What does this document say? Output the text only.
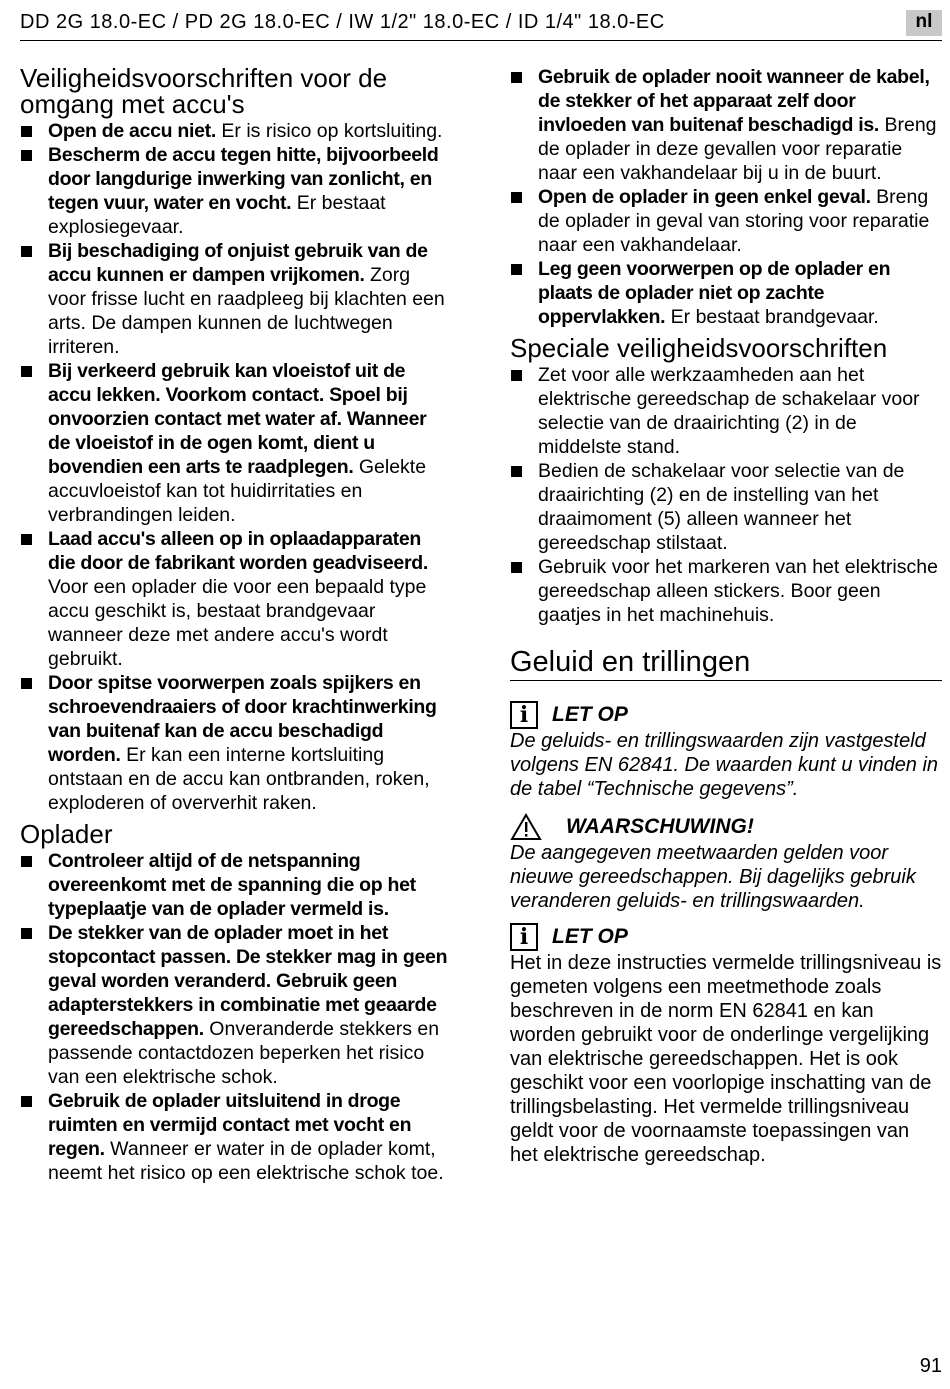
DD 2G 18.0-EC / PD 2G 18.0-EC / IW 1/2" 18.0-EC / ID 1/4" 18.0-EC	nl
Veiligheidsvoorschriften voor de omgang met accu's
Open de accu niet. Er is risico op kortsluiting.
Bescherm de accu tegen hitte, bijvoorbeeld door langdurige inwerking van zonlicht, en tegen vuur, water en vocht. Er bestaat explosiegevaar.
Bij beschadiging of onjuist gebruik van de accu kunnen er dampen vrijkomen. Zorg voor frisse lucht en raadpleeg bij klachten een arts. De dampen kunnen de luchtwegen irriteren.
Bij verkeerd gebruik kan vloeistof uit de accu lekken. Voorkom contact. Spoel bij onvoorzien contact met water af. Wanneer de vloeistof in de ogen komt, dient u bovendien een arts te raadplegen. Gelekte accuvloeistof kan tot huidirritaties en verbrandingen leiden.
Laad accu's alleen op in oplaadapparaten die door de fabrikant worden geadviseerd. Voor een oplader die voor een bepaald type accu geschikt is, bestaat brandgevaar wanneer deze met andere accu's wordt gebruikt.
Door spitse voorwerpen zoals spijkers en schroevendraaiers of door krachtinwerking van buitenaf kan de accu beschadigd worden. Er kan een interne kortsluiting ontstaan en de accu kan ontbranden, roken, exploderen of oververhit raken.
Oplader
Controleer altijd of de netspanning overeenkomt met de spanning die op het typeplaatje van de oplader vermeld is.
De stekker van de oplader moet in het stopcontact passen. De stekker mag in geen geval worden veranderd. Gebruik geen adapterstekkers in combinatie met geaarde gereedschappen. Onveranderde stekkers en passende contactdozen beperken het risico van een elektrische schok.
Gebruik de oplader uitsluitend in droge ruimten en vermijd contact met vocht en regen. Wanneer er water in de oplader komt, neemt het risico op een elektrische schok toe.
Gebruik de oplader nooit wanneer de kabel, de stekker of het apparaat zelf door invloeden van buitenaf beschadigd is. Breng de oplader in deze gevallen voor reparatie naar een vakhandelaar bij u in de buurt.
Open de oplader in geen enkel geval. Breng de oplader in geval van storing voor reparatie naar een vakhandelaar.
Leg geen voorwerpen op de oplader en plaats de oplader niet op zachte oppervlakken. Er bestaat brandgevaar.
Speciale veiligheidsvoorschriften
Zet voor alle werkzaamheden aan het elektrische gereedschap de schakelaar voor selectie van de draairichting (2) in de middelste stand.
Bedien de schakelaar voor selectie van de draairichting (2) en de instelling van het draaimoment (5) alleen wanneer het gereedschap stilstaat.
Gebruik voor het markeren van het elektrische gereedschap alleen stickers. Boor geen gaatjes in het machinehuis.
Geluid en trillingen
i	LET OP
De geluids- en trillingswaarden zijn vastgesteld volgens EN 62841. De waarden kunt u vinden in de tabel “Technische gegevens”.
WAARSCHUWING!
De aangegeven meetwaarden gelden voor nieuwe gereedschappen. Bij dagelijks gebruik veranderen geluids- en trillingswaarden.
i	LET OP
Het in deze instructies vermelde trillingsniveau is gemeten volgens een meetmethode zoals beschreven in de norm EN 62841 en kan worden gebruikt voor de onderlinge vergelijking van elektrische gereedschappen. Het is ook geschikt voor een voorlopige inschatting van de trillingsbelasting. Het vermelde trillingsniveau geldt voor de voornaamste toepassingen van het elektrische gereedschap.
91
